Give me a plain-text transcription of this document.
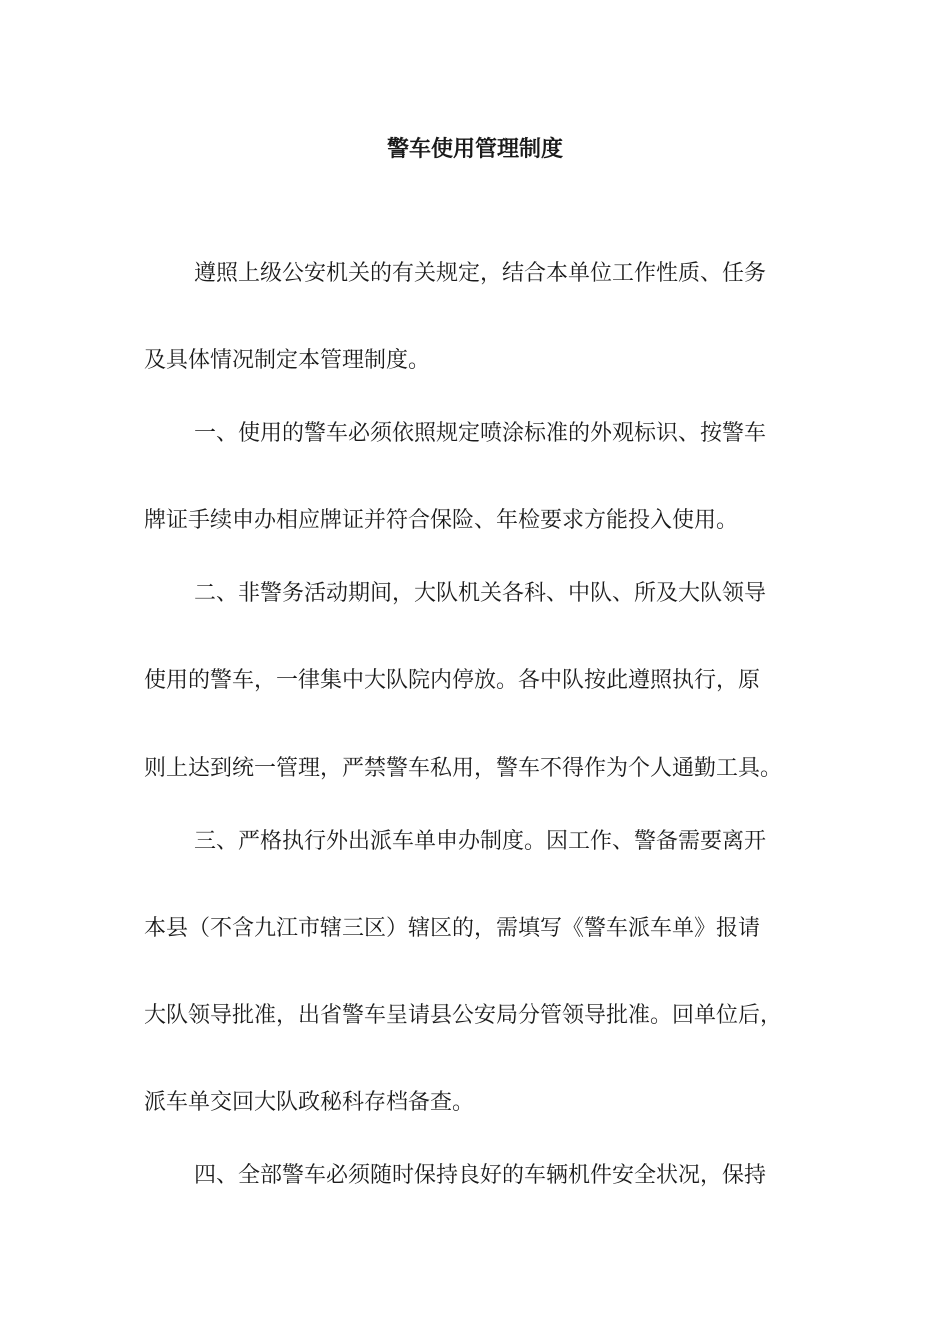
警车使用管理制度
遵照上级公安机关的有关规定，结合本单位工作性质、任务
及具体情况制定本管理制度。
一、使用的警车必须依照规定喷涂标准的外观标识、按警车
牌证手续申办相应牌证并符合保险、年检要求方能投入使用。
二、非警务活动期间，大队机关各科、中队、所及大队领导
使用的警车，一律集中大队院内停放。各中队按此遵照执行，原
则上达到统一管理，严禁警车私用，警车不得作为个人通勤工具。
三、严格执行外出派车单申办制度。因工作、警备需要离开
本县（不含九江市辖三区）辖区的，需填写《警车派车单》报请
大队领导批准，出省警车呈请县公安局分管领导批准。回单位后，
派车单交回大队政秘科存档备查。
四、全部警车必须随时保持良好的车辆机件安全状况，保持
